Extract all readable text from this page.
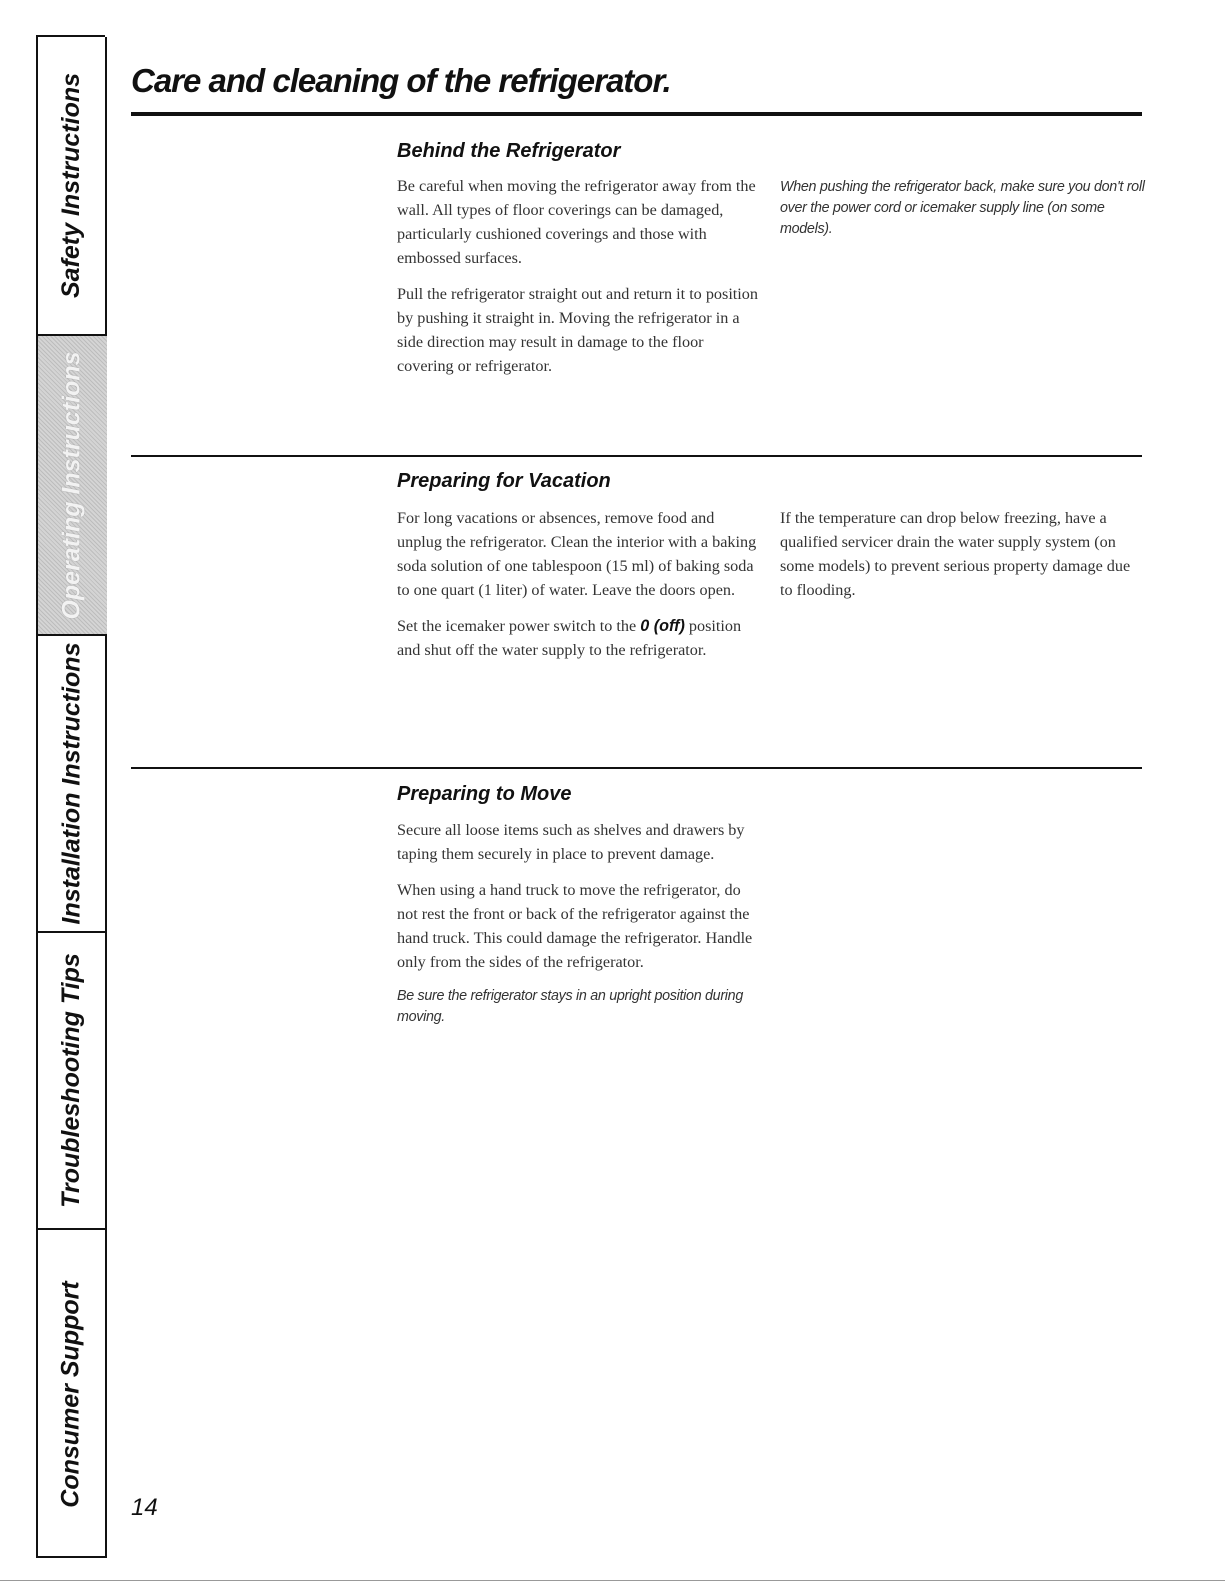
Safety Instructions
Operating Instructions
Installation Instructions
Troubleshooting Tips
Consumer Support
Care and cleaning of the refrigerator.
Behind the Refrigerator

Be careful when moving the refrigerator away from the wall. All types of floor coverings can be damaged, particularly cushioned coverings and those with embossed surfaces.

Pull the refrigerator straight out and return it to position by pushing it straight in. Moving the refrigerator in a side direction may result in damage to the floor covering or refrigerator.

When pushing the refrigerator back, make sure you don't roll over the power cord or icemaker supply line (on some models).

Preparing for Vacation

For long vacations or absences, remove food and unplug the refrigerator. Clean the interior with a baking soda solution of one tablespoon (15 ml) of baking soda to one quart (1 liter) of water. Leave the doors open.

Set the icemaker power switch to the 0 (off) position and shut off the water supply to the refrigerator.

If the temperature can drop below freezing, have a qualified servicer drain the water supply system (on some models) to prevent serious property damage due to flooding.

Preparing to Move

Secure all loose items such as shelves and drawers by taping them securely in place to prevent damage.

When using a hand truck to move the refrigerator, do not rest the front or back of the refrigerator against the hand truck. This could damage the refrigerator. Handle only from the sides of the refrigerator.

Be sure the refrigerator stays in an upright position during moving.

14
